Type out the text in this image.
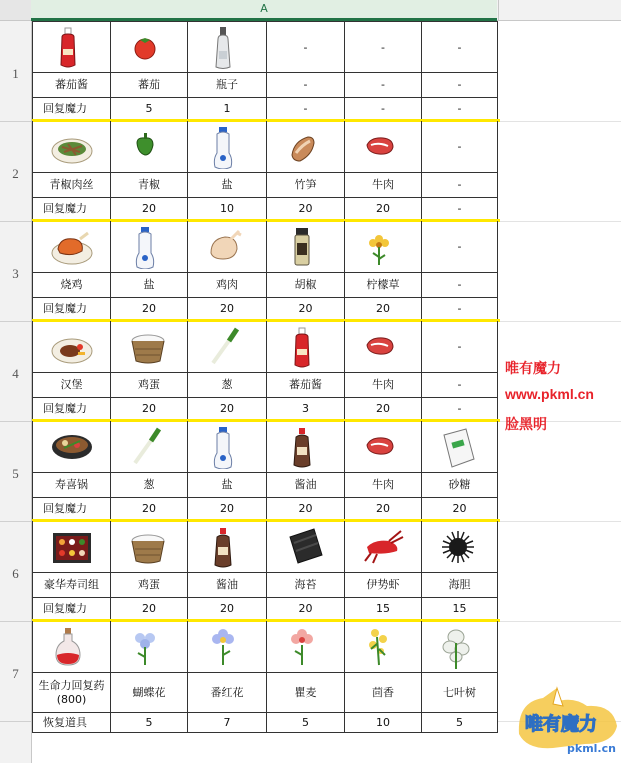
A
1
2
3
4
5
6
7
蕃茄酱
回复魔力
蕃茄
5
瓶子
1
-
-
-
-
-
-
-
-
-
青椒肉丝
回复魔力
青椒
20
盐
10
竹笋
20
牛肉
20
-
-
-
烧鸡
回复魔力
盐
20
鸡肉
20
胡椒
20
柠檬草
20
-
-
-
汉堡
回复魔力
鸡蛋
20
葱
20
蕃茄酱
3
牛肉
20
-
-
-
寿喜锅
回复魔力
葱
20
盐
20
酱油
20
牛肉
20
砂糖
20
豪华寿司组
回复魔力
鸡蛋
20
酱油
20
海苔
20
伊势虾
15
海胆
15
生命力回复药
(800)
恢复道具
蝴蝶花
5
番红花
7
瞿麦
5
茴香
10
七叶树
5
唯有魔力
www.pkml.cn
脸黑明
唯有魔力
pkml.cn
